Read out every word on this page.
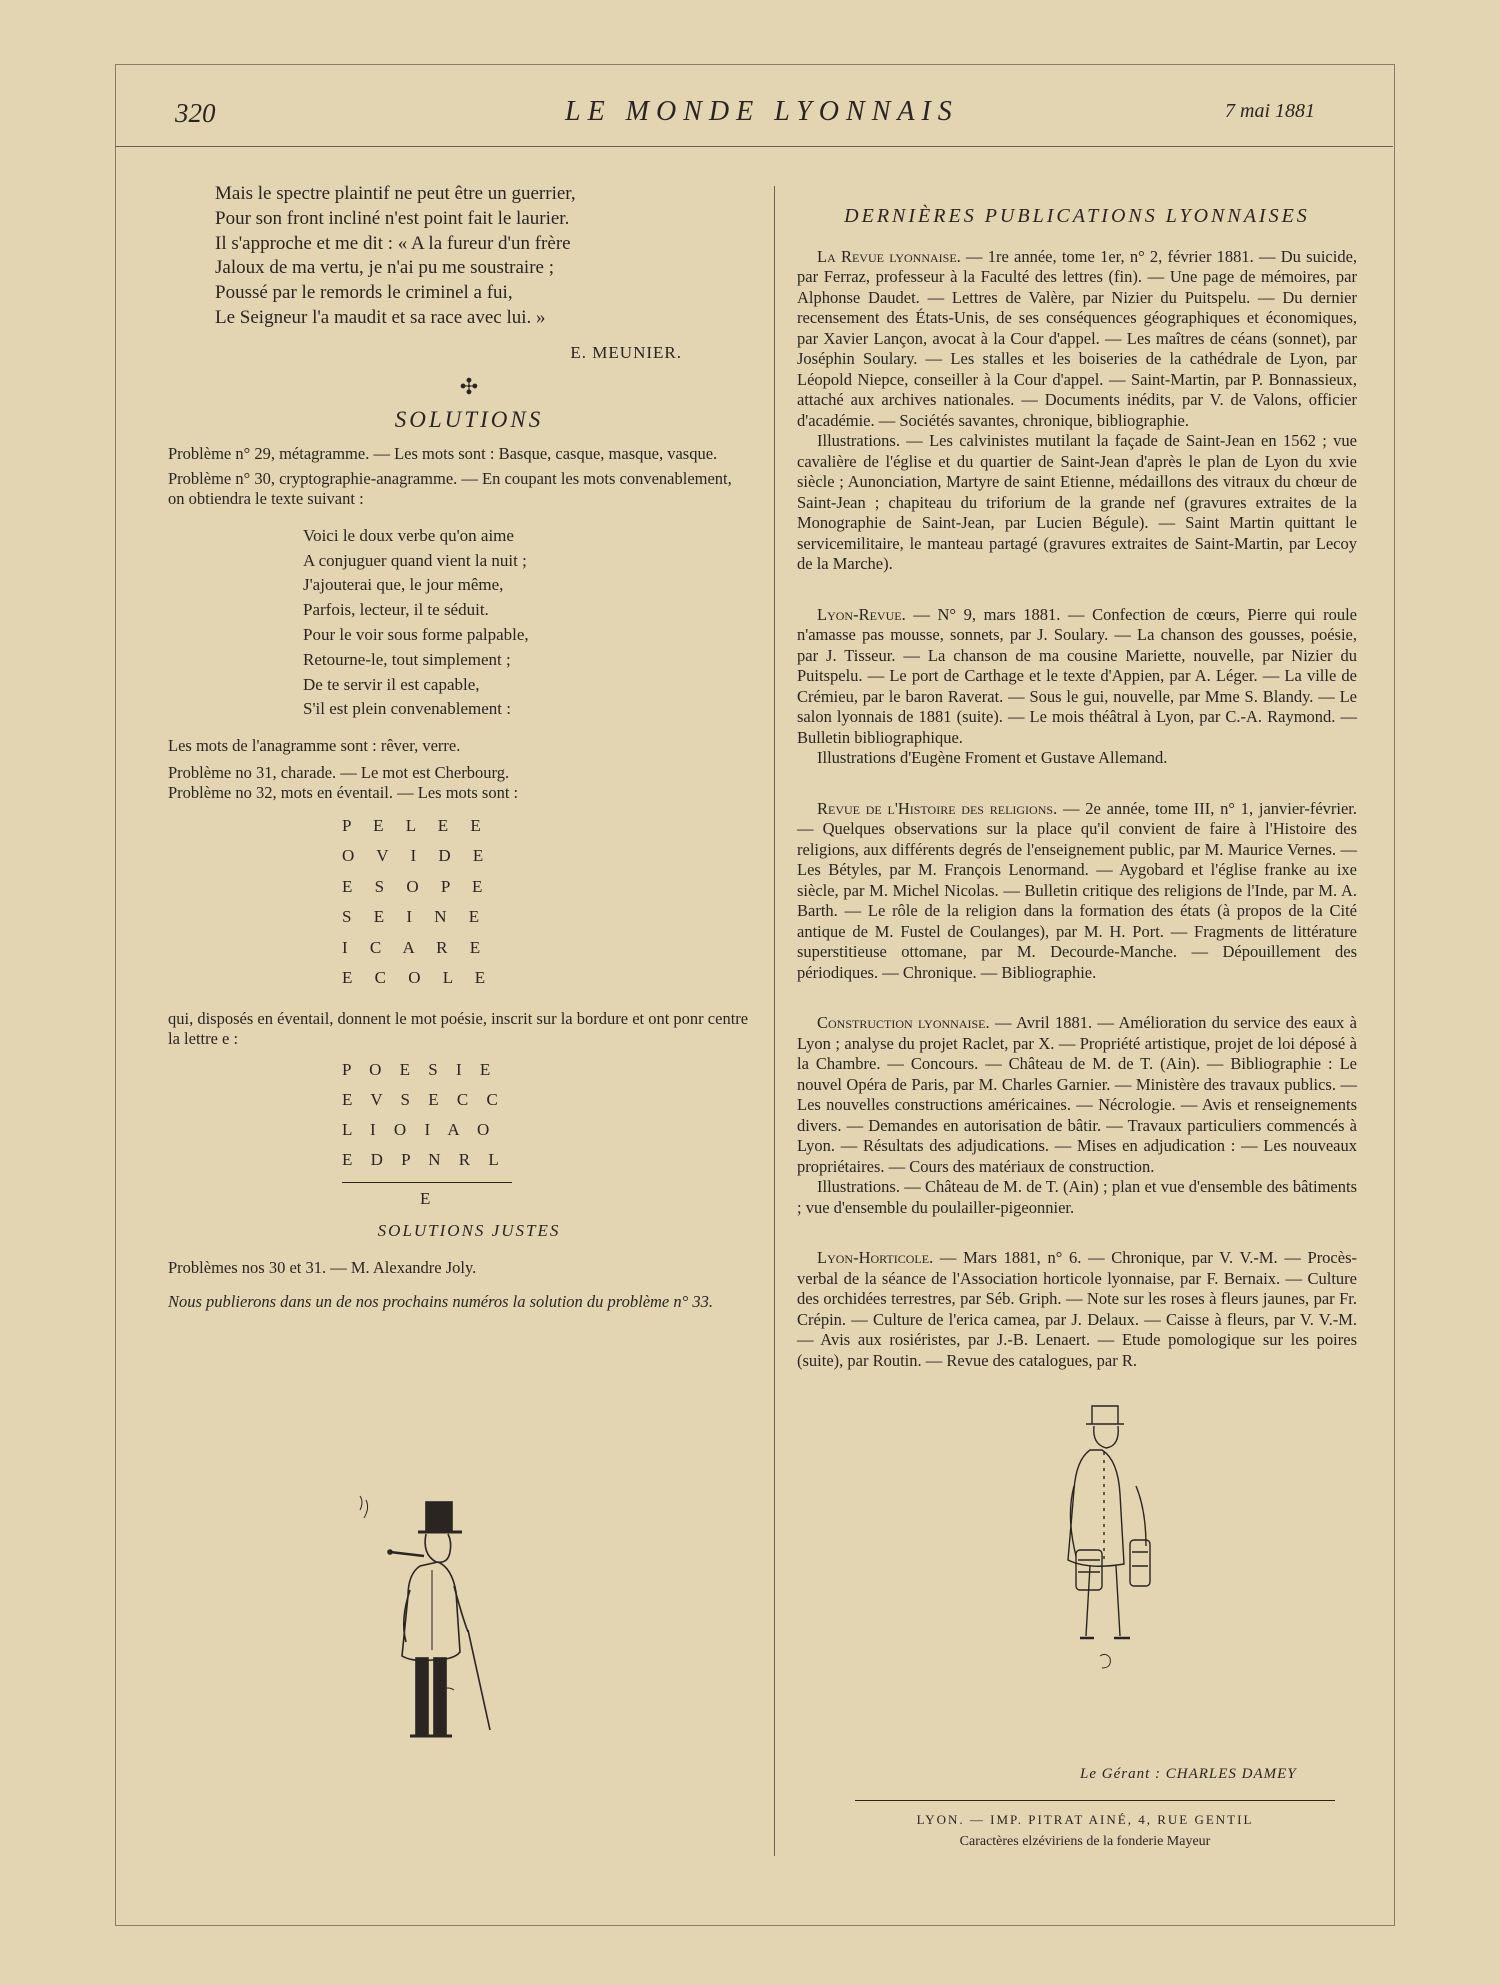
320	LE MONDE LYONNAIS	7 mai 1881
Mais le spectre plaintif ne peut être un guerrier,
Pour son front incliné n'est point fait le laurier.
Il s'approche et me dit : « A la fureur d'un frère
Jaloux de ma vertu, je n'ai pu me soustraire ;
Poussé par le remords le criminel a fui,
Le Seigneur l'a maudit et sa race avec lui. »
E. MEUNIER.
✣
SOLUTIONS

Problème n° 29, métagramme. — Les mots sont : Basque, casque, masque, vasque.

Problème n° 30, cryptographie-anagramme. — En coupant les mots convenablement, on obtiendra le texte suivant :

Voici le doux verbe qu'on aime
A conjuguer quand vient la nuit ;
J'ajouterai que, le jour même,
Parfois, lecteur, il te séduit.
Pour le voir sous forme palpable,
Retourne-le, tout simplement ;
De te servir il est capable,
S'il est plein convenablement :

Les mots de l'anagramme sont : rêver, verre.

Problème no 31, charade. — Le mot est Cherbourg.

Problème no 32, mots en éventail. — Les mots sont :

P E L E E
O V I D E
E S O P E
S E I N E
I C A R E
E C O L E

qui, disposés en éventail, donnent le mot poésie, inscrit sur la bordure et ont ponr centre la lettre e :

P O E S I E
E V S E C C
L I O I A O
E D P N R L
E
SOLUTIONS JUSTES

Problèmes nos 30 et 31. — M. Alexandre Joly.

Nous publierons dans un de nos prochains numéros la solution du problème n° 33.

DERNIÈRES PUBLICATIONS LYONNAISES
La Revue lyonnaise. — 1re année, tome 1er, n° 2, février 1881. — Du suicide, par Ferraz, professeur à la Faculté des lettres (fin). — Une page de mémoires, par Alphonse Daudet. — Lettres de Valère, par Nizier du Puitspelu. — Du dernier recensement des États-Unis, de ses conséquences géographiques et économiques, par Xavier Lançon, avocat à la Cour d'appel. — Les maîtres de céans (sonnet), par Joséphin Soulary. — Les stalles et les boiseries de la cathédrale de Lyon, par Léopold Niepce, conseiller à la Cour d'appel. — Saint-Martin, par P. Bonnassieux, attaché aux archives nationales. — Documents inédits, par V. de Valons, officier d'académie. — Sociétés savantes, chronique, bibliographie.
Illustrations. — Les calvinistes mutilant la façade de Saint-Jean en 1562 ; vue cavalière de l'église et du quartier de Saint-Jean d'après le plan de Lyon du xvie siècle ; Aunonciation, Martyre de saint Etienne, médaillons des vitraux du chœur de Saint-Jean ; chapiteau du triforium de la grande nef (gravures extraites de la Monographie de Saint-Jean, par Lucien Bégule). — Saint Martin quittant le servicemilitaire, le manteau partagé (gravures extraites de Saint-Martin, par Lecoy de la Marche).
Lyon-Revue. — N° 9, mars 1881. — Confection de cœurs, Pierre qui roule n'amasse pas mousse, sonnets, par J. Soulary. — La chanson des gousses, poésie, par J. Tisseur. — La chanson de ma cousine Mariette, nouvelle, par Nizier du Puitspelu. — Le port de Carthage et le texte d'Appien, par A. Léger. — La ville de Crémieu, par le baron Raverat. — Sous le gui, nouvelle, par Mme S. Blandy. — Le salon lyonnais de 1881 (suite). — Le mois théâtral à Lyon, par C.-A. Raymond. — Bulletin bibliographique.
Illustrations d'Eugène Froment et Gustave Allemand.
Revue de l'Histoire des religions. — 2e année, tome III, n° 1, janvier-février. — Quelques observations sur la place qu'il convient de faire à l'Histoire des religions, aux différents degrés de l'enseignement public, par M. Maurice Vernes. — Les Bétyles, par M. François Lenormand. — Aygobard et l'église franke au ixe siècle, par M. Michel Nicolas. — Bulletin critique des religions de l'Inde, par M. A. Barth. — Le rôle de la religion dans la formation des états (à propos de la Cité antique de M. Fustel de Coulanges), par M. H. Port. — Fragments de littérature superstitieuse ottomane, par M. Decourde-Manche. — Dépouillement des périodiques. — Chronique. — Bibliographie.
Construction lyonnaise. — Avril 1881. — Amélioration du service des eaux à Lyon ; analyse du projet Raclet, par X. — Propriété artistique, projet de loi déposé à la Chambre. — Concours. — Château de M. de T. (Ain). — Bibliographie : Le nouvel Opéra de Paris, par M. Charles Garnier. — Ministère des travaux publics. — Les nouvelles constructions américaines. — Nécrologie. — Avis et renseignements divers. — Demandes en autorisation de bâtir. — Travaux particuliers commencés à Lyon. — Résultats des adjudications. — Mises en adjudication : — Les nouveaux propriétaires. — Cours des matériaux de construction.
Illustrations. — Château de M. de T. (Ain) ; plan et vue d'ensemble des bâtiments ; vue d'ensemble du poulailler-pigeonnier.
Lyon-Horticole. — Mars 1881, n° 6. — Chronique, par V. V.-M. — Procès-verbal de la séance de l'Association horticole lyonnaise, par F. Bernaix. — Culture des orchidées terrestres, par Séb. Griph. — Note sur les roses à fleurs jaunes, par Fr. Crépin. — Culture de l'erica camea, par J. Delaux. — Caisse à fleurs, par V. V.-M. — Avis aux rosiéristes, par J.-B. Lenaert. — Etude pomologique sur les poires (suite), par Routin. — Revue des catalogues, par R.
Le Gérant : CHARLES DAMEY
LYON. — IMP. PITRAT AINÉ, 4, RUE GENTIL
Caractères elzéviriens de la fonderie Mayeur
